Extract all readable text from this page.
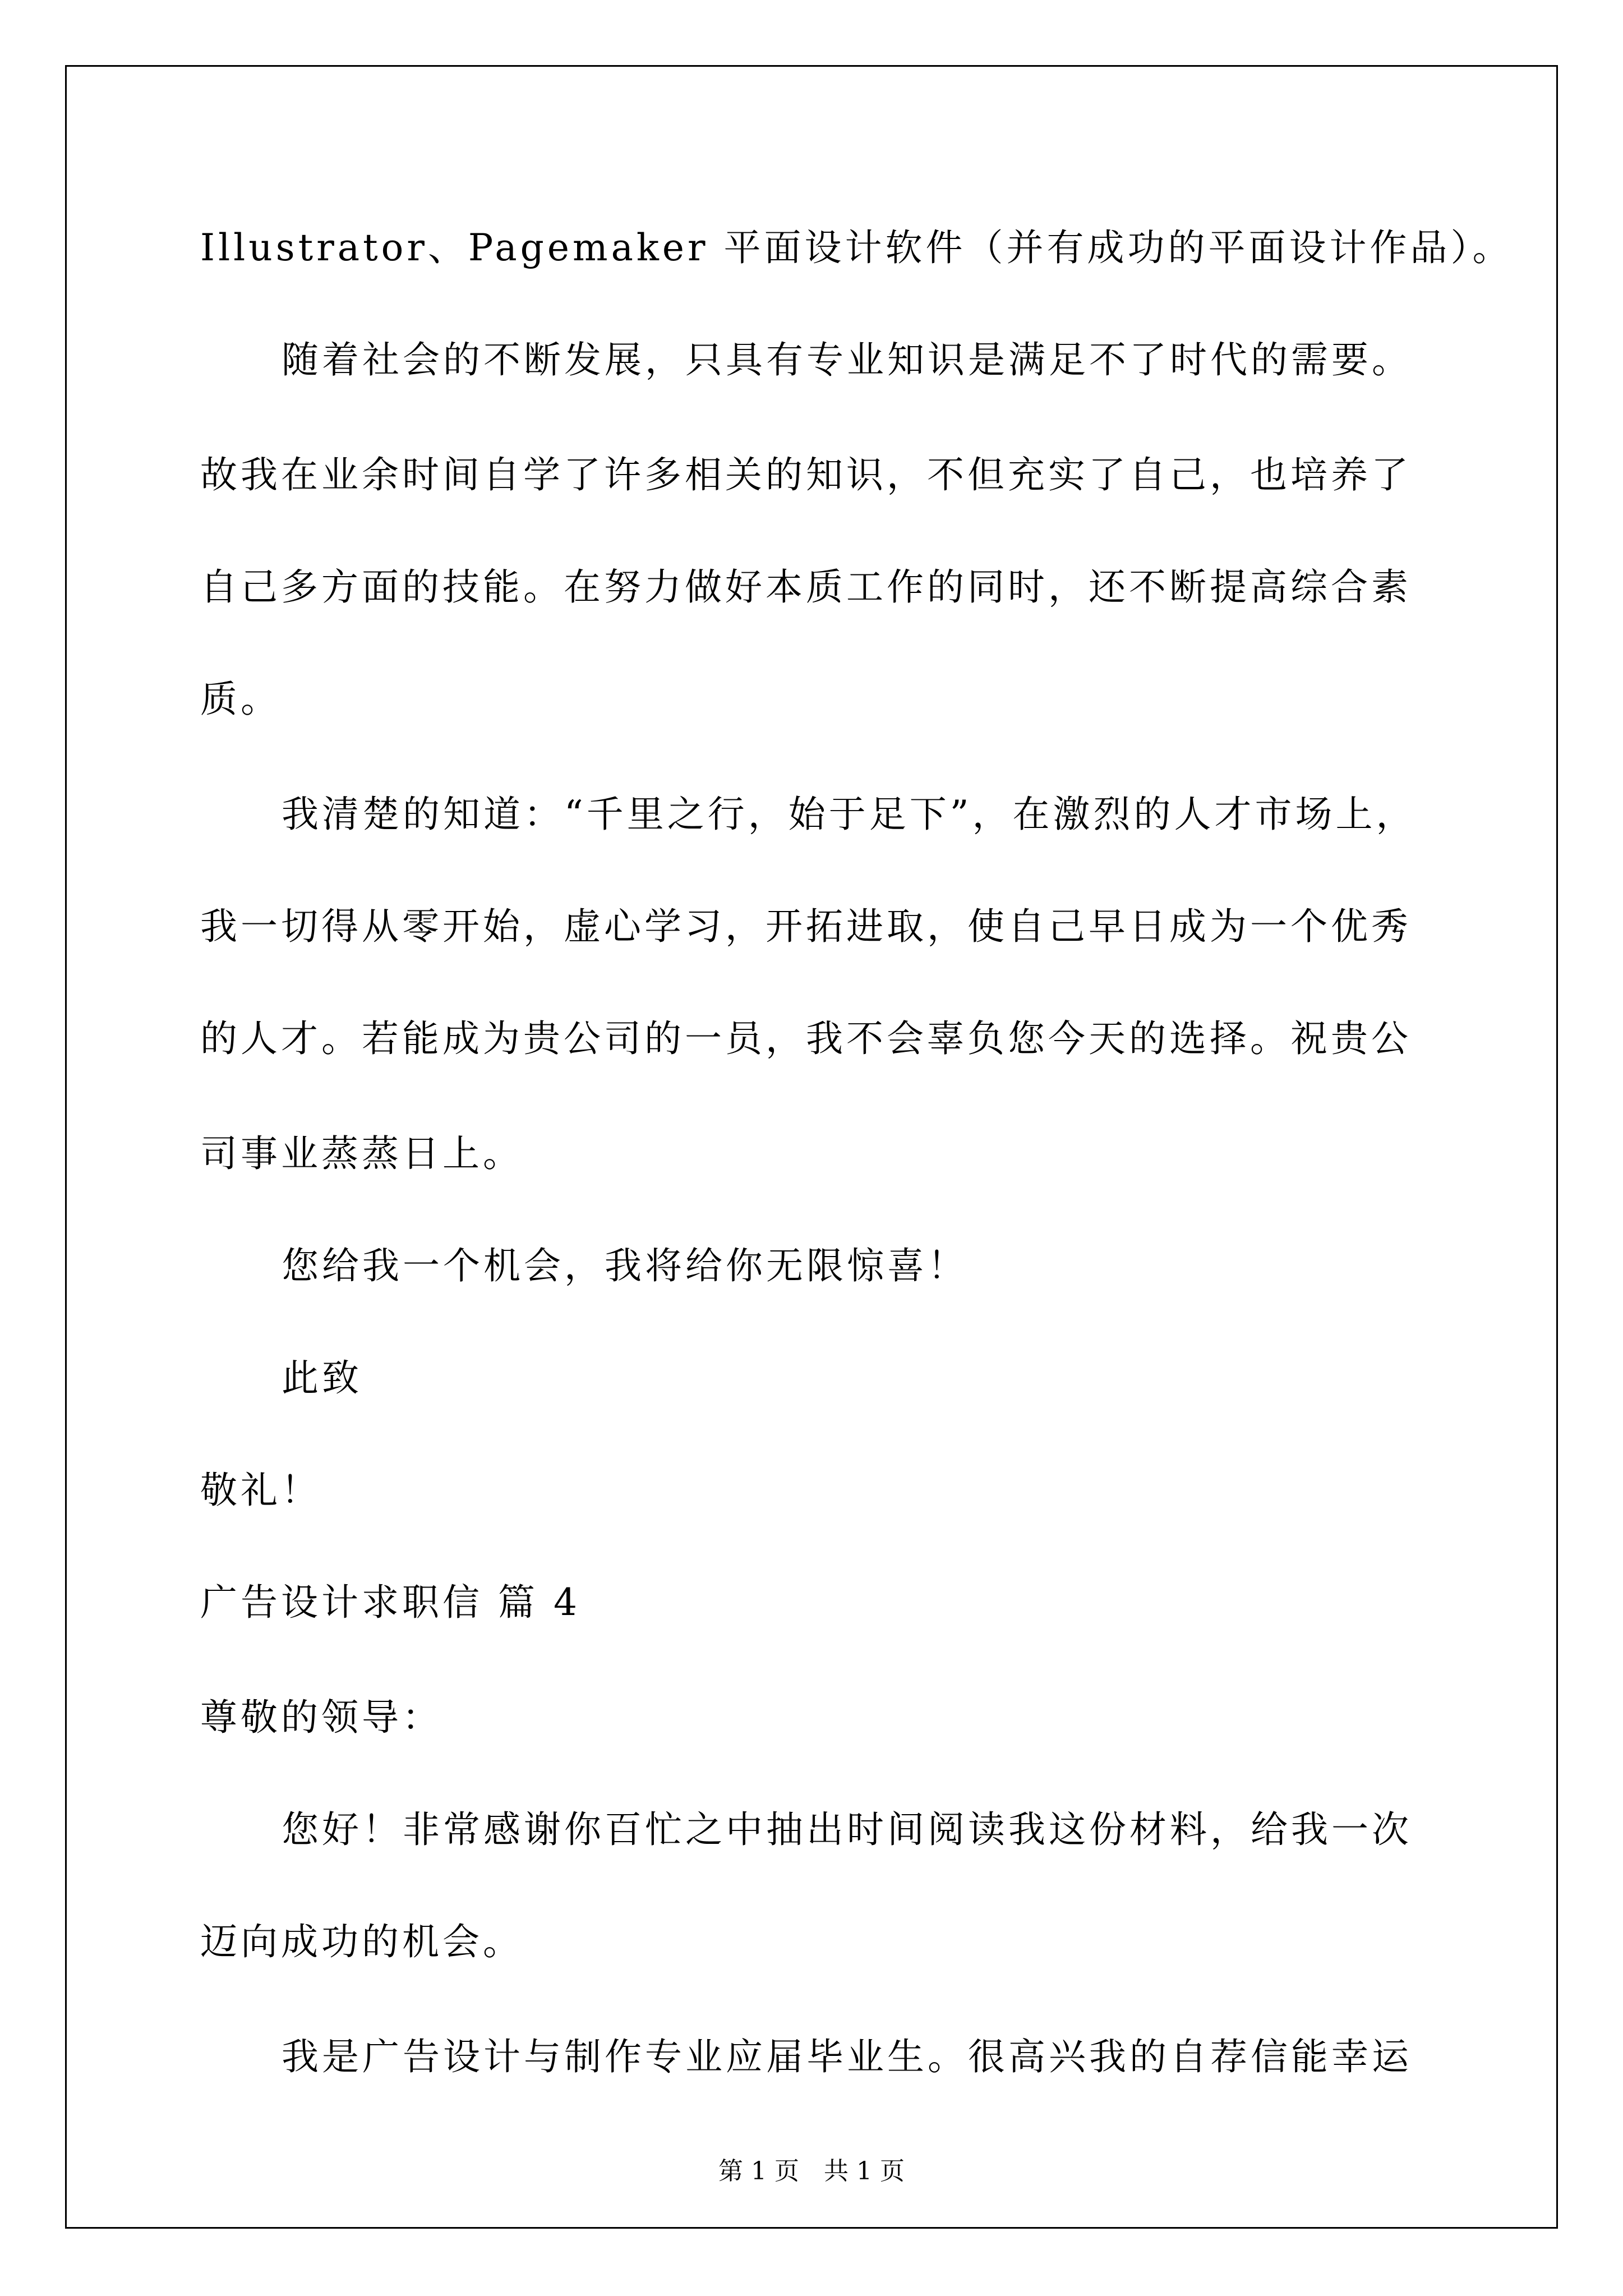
Illustrator、Pagemaker 平面设计软件（并有成功的平面设计作品）。

随着社会的不断发展，只具有专业知识是满足不了时代的需要。

故我在业余时间自学了许多相关的知识，不但充实了自己，也培养了

自己多方面的技能。在努力做好本质工作的同时，还不断提高综合素

质。

我清楚的知道：“千里之行，始于足下”，在激烈的人才市场上，

我一切得从零开始，虚心学习，开拓进取，使自己早日成为一个优秀

的人才。若能成为贵公司的一员，我不会辜负您今天的选择。祝贵公

司事业蒸蒸日上。

您给我一个机会，我将给你无限惊喜！

此致

敬礼！

广告设计求职信 篇 4

尊敬的领导：

您好！非常感谢你百忙之中抽出时间阅读我这份材料，给我一次

迈向成功的机会。

我是广告设计与制作专业应届毕业生。很高兴我的自荐信能幸运

第 1 页　共 1 页
